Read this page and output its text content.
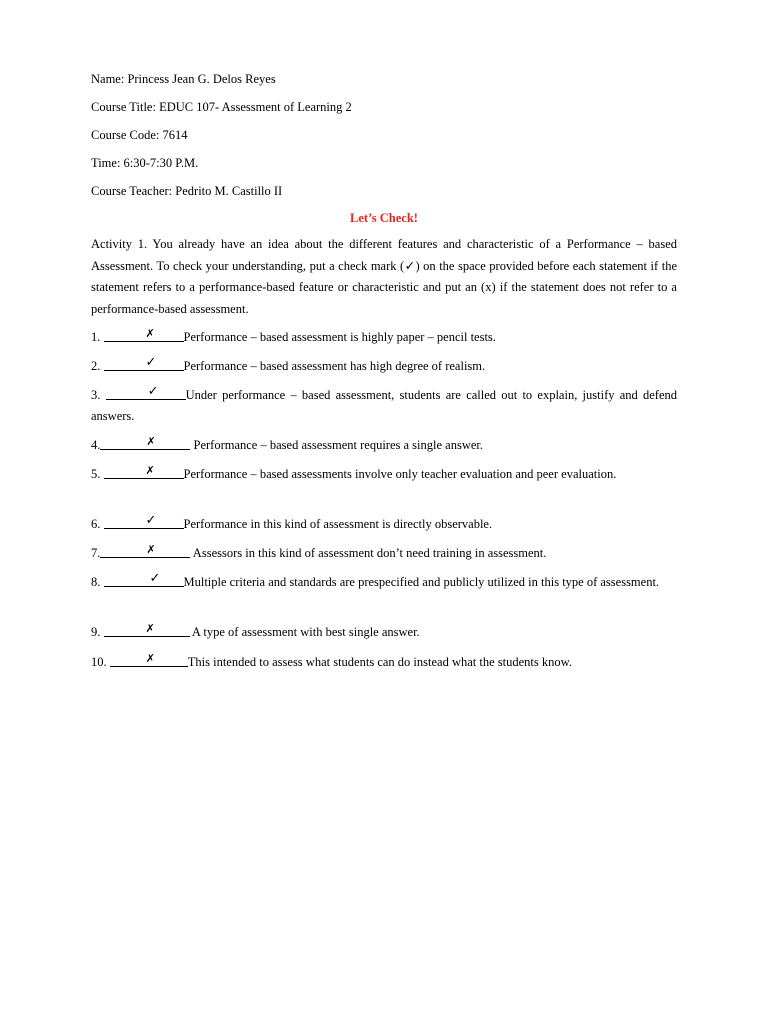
Name: Princess Jean G. Delos Reyes
Course Title: EDUC 107- Assessment of Learning 2
Course Code: 7614
Time: 6:30-7:30 P.M.
Course Teacher: Pedrito M. Castillo II
Let’s Check!
Activity 1. You already have an idea about the different features and characteristic of a Performance – based Assessment. To check your understanding, put a check mark (✓) on the space provided before each statement if the statement refers to a performance-based feature or characteristic and put an (x) if the statement does not refer to a performance-based assessment.
1.	✗ Performance – based assessment is highly paper – pencil tests.
2.	✓ Performance – based assessment has high degree of realism.
3.	✓ Under performance – based assessment, students are called out to explain, justify and defend answers.
4.	✗	Performance – based assessment requires a single answer.
5.	✗ Performance – based assessments involve only teacher evaluation and peer evaluation.
6.	✓ Performance in this kind of assessment is directly observable.
7.	✗	Assessors in this kind of assessment don’t need training in assessment.
8.	✓ Multiple criteria and standards are prespecified and publicly utilized in this type of assessment.
9.	✗	A type of assessment with best single answer.
10.	✗	This intended to assess what students can do instead what the students know.
